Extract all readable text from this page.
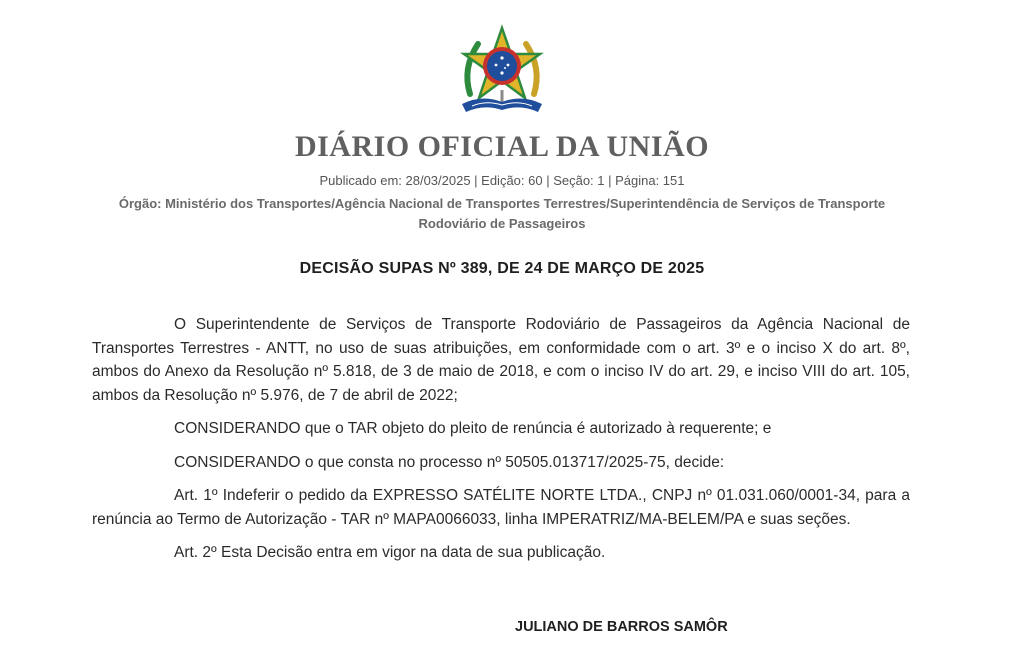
DIÁRIO OFICIAL DA UNIÃO
Publicado em: 28/03/2025 | Edição: 60 | Seção: 1 | Página: 151
Órgão: Ministério dos Transportes/Agência Nacional de Transportes Terrestres/Superintendência de Serviços de Transporte Rodoviário de Passageiros
DECISÃO SUPAS Nº 389, DE 24 DE MARÇO DE 2025

O Superintendente de Serviços de Transporte Rodoviário de Passageiros da Agência Nacional de Transportes Terrestres - ANTT, no uso de suas atribuições, em conformidade com o art. 3º e o inciso X do art. 8º, ambos do Anexo da Resolução nº 5.818, de 3 de maio de 2018, e com o inciso IV do art. 29, e inciso VIII do art. 105, ambos da Resolução nº 5.976, de 7 de abril de 2022;

CONSIDERANDO que o TAR objeto do pleito de renúncia é autorizado à requerente; e

CONSIDERANDO o que consta no processo nº 50505.013717/2025-75, decide:

Art. 1º Indeferir o pedido da EXPRESSO SATÉLITE NORTE LTDA., CNPJ nº 01.031.060/0001-34, para a renúncia ao Termo de Autorização - TAR nº MAPA0066033, linha IMPERATRIZ/MA-BELEM/PA e suas seções.

Art. 2º Esta Decisão entra em vigor na data de sua publicação.

JULIANO DE BARROS SAMÔR
